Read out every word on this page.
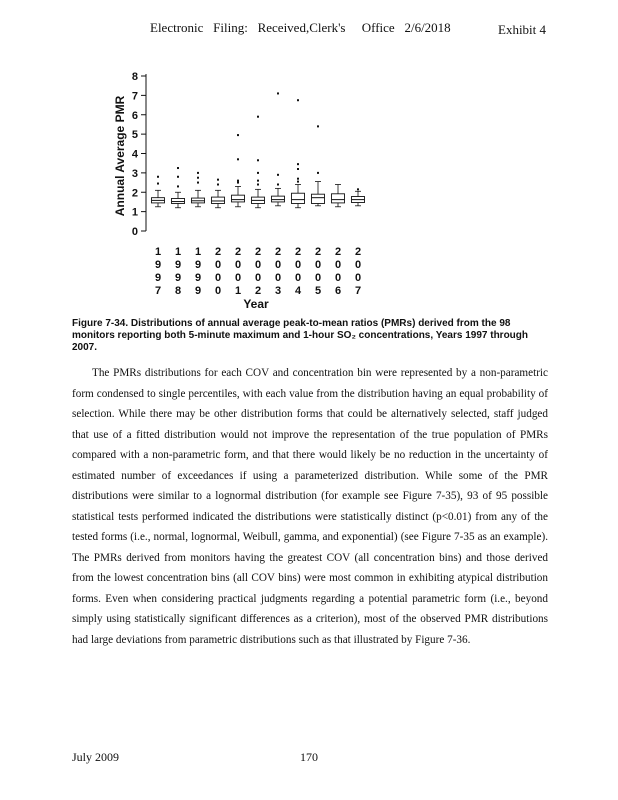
Electronic   Filing:   Received,Clerk's     Office   2/6/2018	Exhibit 4
Annual Average PMR
0
1
2
3
4
5
6
7
8
1
9
9
7
1
9
9
8
1
9
9
9
2
0
0
0
2
0
0
1
2
0
0
2
2
0
0
3
2
0
0
4
2
0
0
5
2
0
0
6
2
0
0
7
Year
Figure 7-34. Distributions of annual average peak-to-mean ratios (PMRs) derived from the 98 monitors reporting both 5-minute maximum and 1-hour SO₂ concentrations, Years 1997 through 2007.

The PMRs distributions for each COV and concentration bin were represented by a non-parametric form condensed to single percentiles, with each value from the distribution having an equal probability of selection. While there may be other distribution forms that could be alternatively selected, staff judged that use of a fitted distribution would not improve the representation of the true population of PMRs compared with a non-parametric form, and that there would likely be no reduction in the uncertainty of estimated number of exceedances if using a parameterized distribution. While some of the PMR distributions were similar to a lognormal distribution (for example see Figure 7-35), 93 of 95 possible statistical tests performed indicated the distributions were statistically distinct (p<0.01) from any of the tested forms (i.e., normal, lognormal, Weibull, gamma, and exponential) (see Figure 7-35 as an example). The PMRs derived from monitors having the greatest COV (all concentration bins) and those derived from the lowest concentration bins (all COV bins) were most common in exhibiting atypical distribution forms. Even when considering practical judgments regarding a potential parametric form (i.e., beyond simply using statistically significant differences as a criterion), most of the observed PMR distributions had large deviations from parametric distributions such as that illustrated by Figure 7-36.

July 2009	170
